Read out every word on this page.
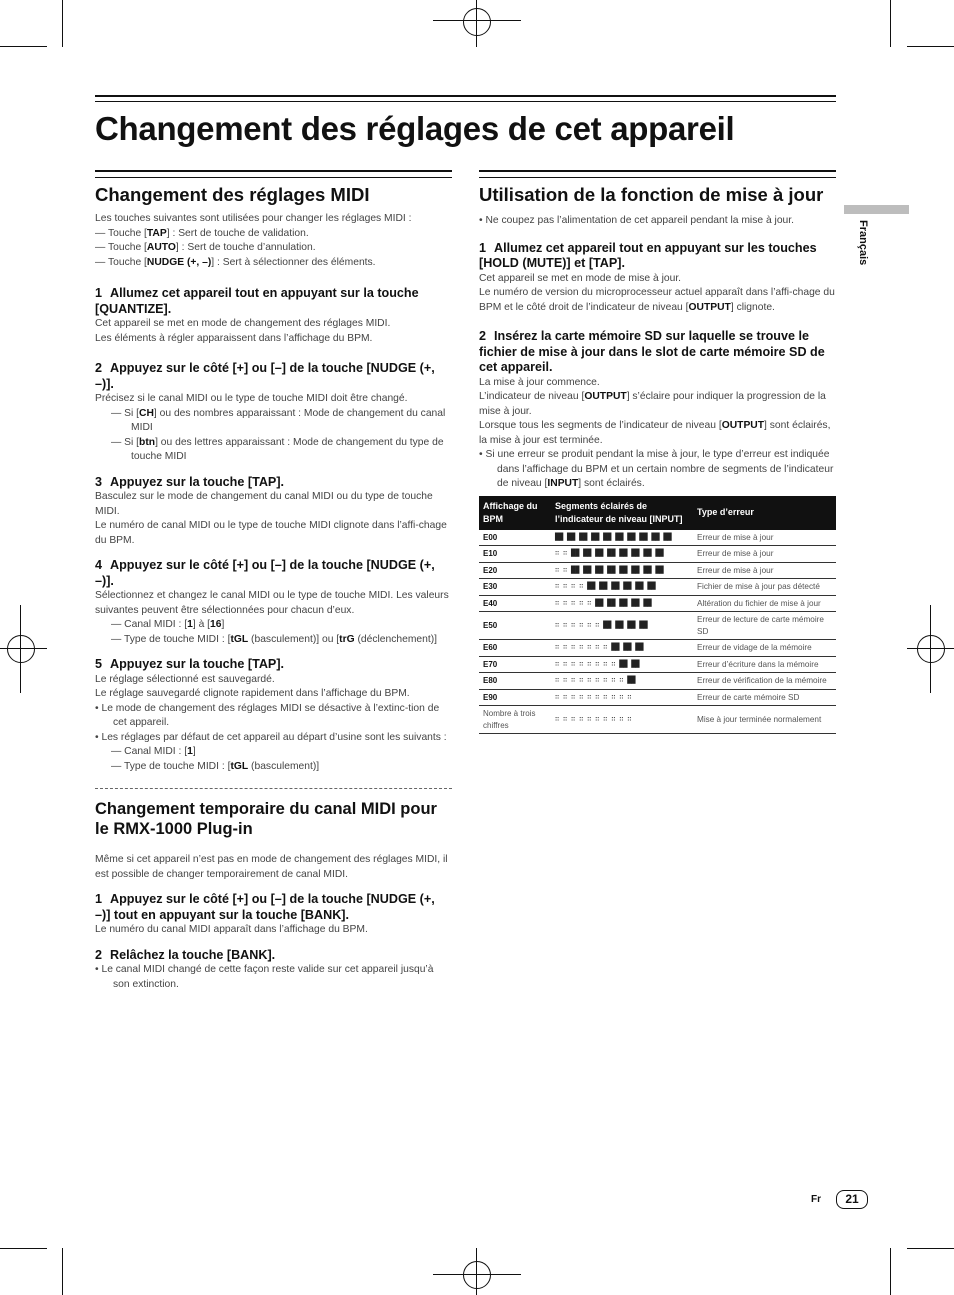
Changement des réglages de cet appareil
Français
Changement des réglages MIDI

Les touches suivantes sont utilisées pour changer les réglages MIDI :

— Touche [TAP] : Sert de touche de validation.

— Touche [AUTO] : Sert de touche d’annulation.

— Touche [NUDGE (+, –)] : Sert à sélectionner des éléments.

1 Allumez cet appareil tout en appuyant sur la touche [QUANTIZE].

Cet appareil se met en mode de changement des réglages MIDI.

Les éléments à régler apparaissent dans l’affichage du BPM.

2 Appuyez sur le côté [+] ou [–] de la touche [NUDGE (+, –)].

Précisez si le canal MIDI ou le type de touche MIDI doit être changé.

— Si [CH] ou des nombres apparaissant : Mode de changement du canal MIDI

— Si [btn] ou des lettres apparaissant : Mode de changement du type de touche MIDI

3 Appuyez sur la touche [TAP].

Basculez sur le mode de changement du canal MIDI ou du type de touche MIDI.

Le numéro de canal MIDI ou le type de touche MIDI clignote dans l’affi-chage du BPM.

4 Appuyez sur le côté [+] ou [–] de la touche [NUDGE (+, –)].

Sélectionnez et changez le canal MIDI ou le type de touche MIDI. Les valeurs suivantes peuvent être sélectionnées pour chacun d’eux.

— Canal MIDI : [1] à [16]

— Type de touche MIDI : [tGL (basculement)] ou [trG (déclenchement)]

5 Appuyez sur la touche [TAP].

Le réglage sélectionné est sauvegardé.

Le réglage sauvegardé clignote rapidement dans l’affichage du BPM.

• Le mode de changement des réglages MIDI se désactive à l’extinc-tion de cet appareil.

• Les réglages par défaut de cet appareil au départ d’usine sont les suivants :

— Canal MIDI : [1]

— Type de touche MIDI : [tGL (basculement)]

Changement temporaire du canal MIDI pour le RMX-1000 Plug-in

Même si cet appareil n’est pas en mode de changement des réglages MIDI, il est possible de changer temporairement de canal MIDI.

1 Appuyez sur le côté [+] ou [–] de la touche [NUDGE (+, –)] tout en appuyant sur la touche [BANK].

Le numéro du canal MIDI apparaît dans l’affichage du BPM.

2 Relâchez la touche [BANK].

• Le canal MIDI changé de cette façon reste valide sur cet appareil jusqu’à son extinction.

Utilisation de la fonction de mise à jour

• Ne coupez pas l’alimentation de cet appareil pendant la mise à jour.

1 Allumez cet appareil tout en appuyant sur les touches [HOLD (MUTE)] et [TAP].

Cet appareil se met en mode de mise à jour.

Le numéro de version du microprocesseur actuel apparaît dans l’affi-chage du BPM et le côté droit de l’indicateur de niveau [OUTPUT] clignote.

2 Insérez la carte mémoire SD sur laquelle se trouve le fichier de mise à jour dans le slot de carte mémoire SD de cet appareil.

La mise à jour commence.

L’indicateur de niveau [OUTPUT] s’éclaire pour indiquer la progression de la mise à jour.

Lorsque tous les segments de l’indicateur de niveau [OUTPUT] sont éclairés, la mise à jour est terminée.

• Si une erreur se produit pendant la mise à jour, le type d’erreur est indiquée dans l’affichage du BPM et un certain nombre de segments de l’indicateur de niveau [INPUT] sont éclairés.

Affichage du BPM	Segments éclairés de l’indicateur de niveau [INPUT]	Type d’erreur
E00	██ ██ ██ ██ ██ ██ ██ ██ ██ ██	Erreur de mise à jour
E10	∷ ∷ ██ ██ ██ ██ ██ ██ ██ ██	Erreur de mise à jour
E20	∷ ∷ ██ ██ ██ ██ ██ ██ ██ ██	Erreur de mise à jour
E30	∷ ∷ ∷ ∷ ██ ██ ██ ██ ██ ██	Fichier de mise à jour pas détecté
E40	∷ ∷ ∷ ∷ ∷ ██ ██ ██ ██ ██	Altération du fichier de mise à jour
E50	∷ ∷ ∷ ∷ ∷ ∷ ██ ██ ██ ██	Erreur de lecture de carte mémoire SD
E60	∷ ∷ ∷ ∷ ∷ ∷ ∷ ██ ██ ██	Erreur de vidage de la mémoire
E70	∷ ∷ ∷ ∷ ∷ ∷ ∷ ∷ ██ ██	Erreur d’écriture dans la mémoire
E80	∷ ∷ ∷ ∷ ∷ ∷ ∷ ∷ ∷ ██	Erreur de vérification de la mémoire
E90	∷ ∷ ∷ ∷ ∷ ∷ ∷ ∷ ∷ ∷	Erreur de carte mémoire SD
Nombre à trois chiffres	∷ ∷ ∷ ∷ ∷ ∷ ∷ ∷ ∷ ∷	Mise à jour terminée normalement
Fr	21
